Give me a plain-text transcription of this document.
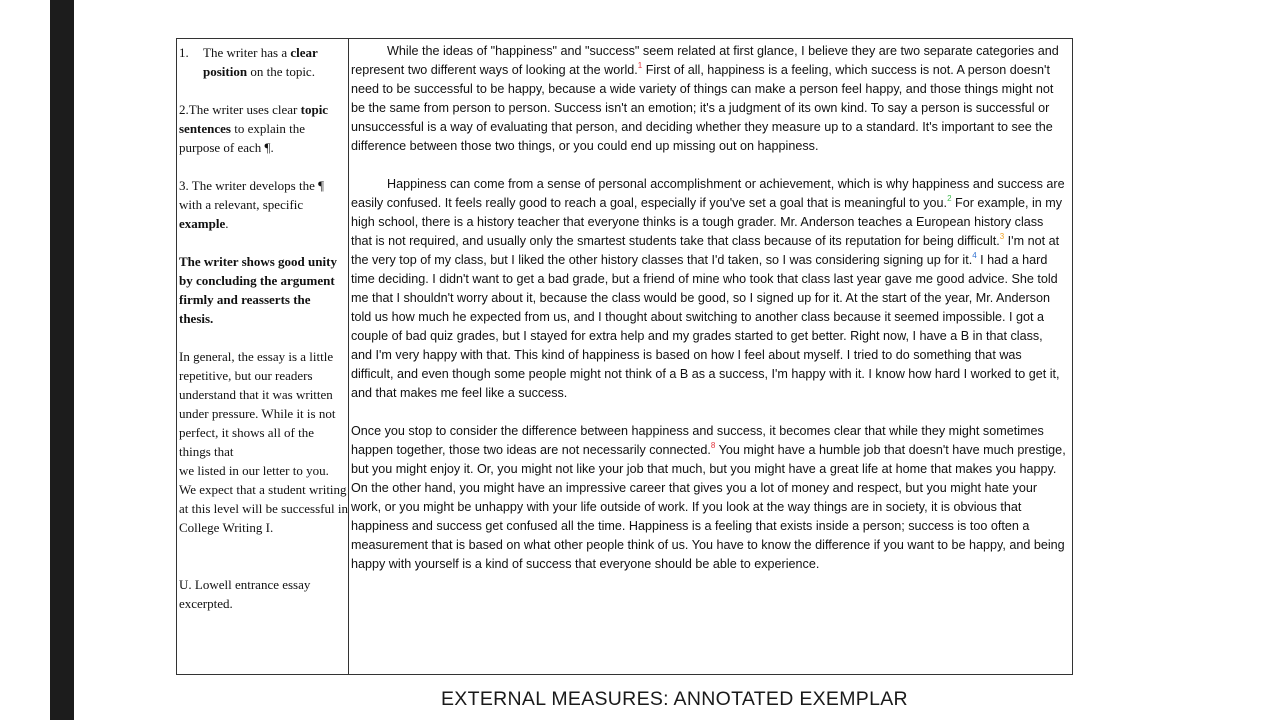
1.	The writer has a clear position on the topic.

2.The writer uses clear topic sentences to explain the purpose of each ¶.

3. The writer develops the ¶ with a relevant, specific example.

The writer shows good unity by concluding the argument firmly and reasserts the thesis.

In general, the essay is a little repetitive, but our readers understand that it was written under pressure. While it is not perfect, it shows all of the things that

we listed in our letter to you. We expect that a student writing at this level will be successful in College Writing I.

U. Lowell entrance essay excerpted.

While the ideas of "happiness" and "success" seem related at first glance, I believe they are two separate categories and represent two different ways of looking at the world.$^1$ First of all, happiness is a feeling, which success is not. A person doesn't need to be successful to be happy, because a wide variety of things can make a person feel happy, and those things might not be the same from person to person. Success isn't an emotion; it's a judgment of its own kind. To say a person is successful or unsuccessful is a way of evaluating that person, and deciding whether they measure up to a standard. It's important to see the difference between those two things, or you could end up missing out on happiness.

Happiness can come from a sense of personal accomplishment or achievement, which is why happiness and success are easily confused. It feels really good to reach a goal, especially if you've set a goal that is meaningful to you.$^2$ For example, in my high school, there is a history teacher that everyone thinks is a tough grader. Mr. Anderson teaches a European history class that is not required, and usually only the smartest students take that class because of its reputation for being difficult.$^3$ I'm not at the very top of my class, but I liked the other history classes that I'd taken, so I was considering signing up for it.$^4$ I had a hard time deciding. I didn't want to get a bad grade, but a friend of mine who took that class last year gave me good advice. She told me that I shouldn't worry about it, because the class would be good, so I signed up for it. At the start of the year, Mr. Anderson told us how much he expected from us, and I thought about switching to another class because it seemed impossible. I got a couple of bad quiz grades, but I stayed for extra help and my grades started to get better. Right now, I have a B in that class, and I'm very happy with that. This kind of happiness is based on how I feel about myself. I tried to do something that was difficult, and even though some people might not think of a B as a success, I'm happy with it. I know how hard I worked to get it, and that makes me feel like a success.

Once you stop to consider the difference between happiness and success, it becomes clear that while they might sometimes happen together, those two ideas are not necessarily connected.$^8$ You might have a humble job that doesn't have much prestige, but you might enjoy it. Or, you might not like your job that much, but you might have a great life at home that makes you happy. On the other hand, you might have an impressive career that gives you a lot of money and respect, but you might hate your work, or you might be unhappy with your life outside of work. If you look at the way things are in society, it is obvious that happiness and success get confused all the time. Happiness is a feeling that exists inside a person; success is too often a measurement that is based on what other people think of us. You have to know the difference if you want to be happy, and being happy with yourself is a kind of success that everyone should be able to experience.

EXTERNAL MEASURES: ANNOTATED EXEMPLAR
